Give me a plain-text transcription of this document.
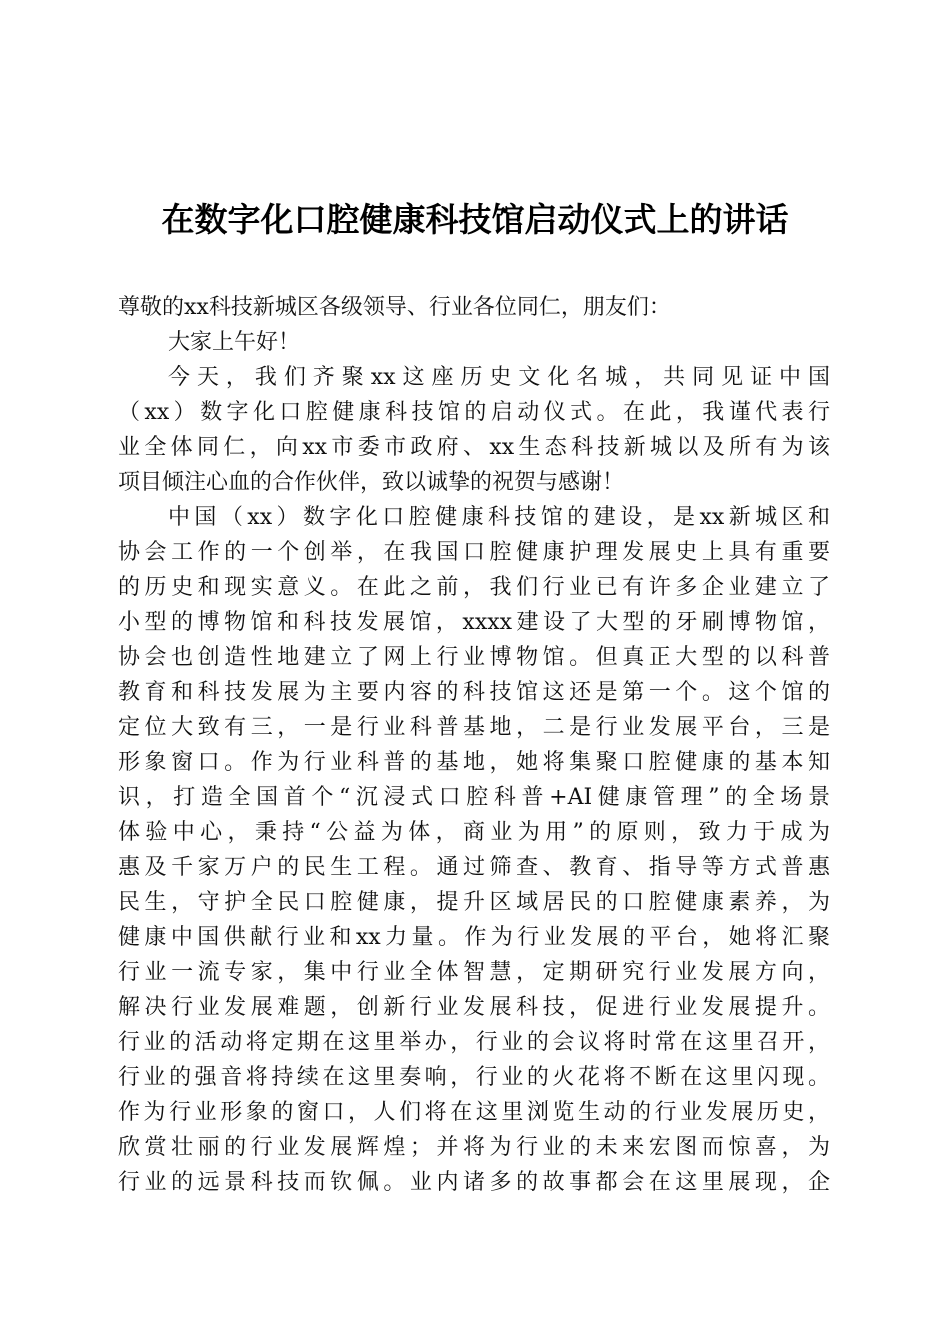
在数字化口腔健康科技馆启动仪式上的讲话
尊敬的xx科技新城区各级领导、行业各位同仁，朋友们：
大家上午好！
今天，我们齐聚xx这座历史文化名城，共同见证中国
（xx）数字化口腔健康科技馆的启动仪式。在此，我谨代表行
业全体同仁，向xx市委市政府、xx生态科技新城以及所有为该
项目倾注心血的合作伙伴，致以诚挚的祝贺与感谢！
中国（xx）数字化口腔健康科技馆的建设，是xx新城区和
协会工作的一个创举，在我国口腔健康护理发展史上具有重要
的历史和现实意义。在此之前，我们行业已有许多企业建立了
小型的博物馆和科技发展馆，xxxx建设了大型的牙刷博物馆，
协会也创造性地建立了网上行业博物馆。但真正大型的以科普
教育和科技发展为主要内容的科技馆这还是第一个。这个馆的
定位大致有三，一是行业科普基地，二是行业发展平台，三是
形象窗口。作为行业科普的基地，她将集聚口腔健康的基本知
识，打造全国首个“沉浸式口腔科普+AI健康管理”的全场景
体验中心，秉持“公益为体，商业为用”的原则，致力于成为
惠及千家万户的民生工程。通过筛查、教育、指导等方式普惠
民生，守护全民口腔健康，提升区域居民的口腔健康素养，为
健康中国供献行业和xx力量。作为行业发展的平台，她将汇聚
行业一流专家，集中行业全体智慧，定期研究行业发展方向，
解决行业发展难题，创新行业发展科技，促进行业发展提升。
行业的活动将定期在这里举办，行业的会议将时常在这里召开，
行业的强音将持续在这里奏响，行业的火花将不断在这里闪现。
作为行业形象的窗口，人们将在这里浏览生动的行业发展历史，
欣赏壮丽的行业发展辉煌；并将为行业的未来宏图而惊喜，为
行业的远景科技而钦佩。业内诸多的故事都会在这里展现，企
